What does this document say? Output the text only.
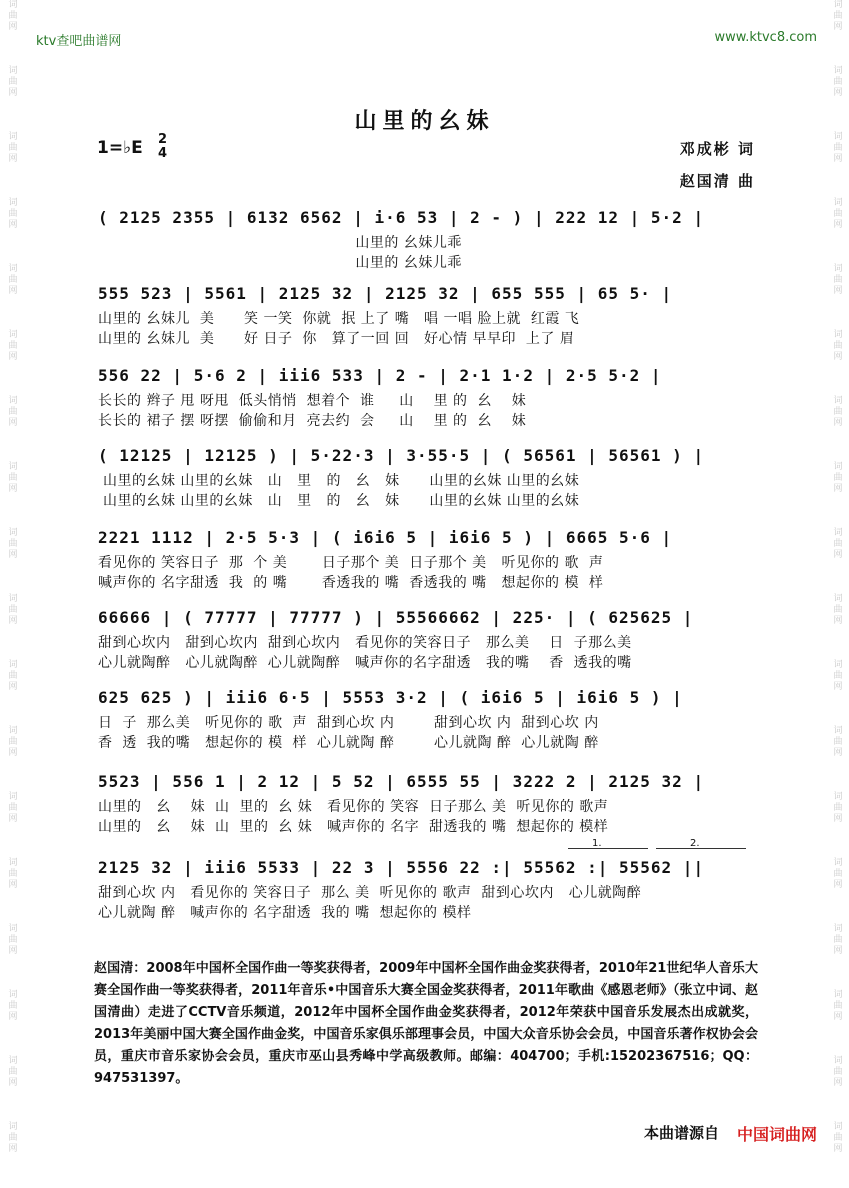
ktv查吧曲谱网	www.ktvc8.com
词
曲
网

词
曲
网

词
曲
网

词
曲
网

词
曲
网

词
曲
网

词
曲
网

词
曲
网

词
曲
网

词
曲
网

词
曲
网

词
曲
网

词
曲
网

词
曲
网

词
曲
网

词
曲
网

词
曲
网

词
曲
网

词
曲
网

词
曲
网

词
曲
网

词
曲
网

词
曲
网

词
曲
网

词
曲
网

词
曲
网

词
曲
网

词
曲
网

词
曲
网

词
曲
网

词
曲
网

词
曲
网

词
曲
网

词
曲
网

词
曲
网

词
曲
网

山里的幺妹
1=♭E 2
4	邓成彬 词
赵国清 曲
( 2125 2355 | 6132 6562 | i·6 53 | 2 - ) | 222 12 | 5·2 |
山里的 幺妹儿乖
山里的 幺妹儿乖
555 523 | 5561 | 2125 32 | 2125 32 | 655 555 | 65 5· |
山里的 幺妹儿  美      笑 一笑  你就  抿 上了 嘴   唱 一唱 脸上就  红霞 飞
山里的 幺妹儿  美      好 日子  你   算了一回 回   好心情 早早印  上了 眉
556 22 | 5·6 2 | iii6 533 | 2 - | 2·1 1·2 | 2·5 5·2 |
长长的 辫子 甩 呀甩  低头悄悄  想着个  谁     山    里 的  幺    妹
长长的 裙子 摆 呀摆  偷偷和月  亮去约  会     山    里 的  幺    妹
( 12125 | 12125 ) | 5·22·3 | 3·55·5 | ( 56561 | 56561 ) |
山里的幺妹 山里的幺妹   山   里   的   幺   妹      山里的幺妹 山里的幺妹
山里的幺妹 山里的幺妹   山   里   的   幺   妹      山里的幺妹 山里的幺妹
2221 1112 | 2·5 5·3 | ( i6i6 5 | i6i6 5 ) | 6665 5·6 |
看见你的 笑容日子  那  个 美       日子那个 美  日子那个 美   听见你的 歌  声
喊声你的 名字甜透  我  的 嘴       香透我的 嘴  香透我的 嘴   想起你的 模  样
66666 | ( 77777 | 77777 ) | 55566662 | 225· | ( 625625 |
甜到心坎内   甜到心坎内  甜到心坎内   看见你的笑容日子   那么美    日  子那么美
心儿就陶醉   心儿就陶醉  心儿就陶醉   喊声你的名字甜透   我的嘴    香  透我的嘴
625 625 ) | iii6 6·5 | 5553 3·2 | ( i6i6 5 | i6i6 5 ) |
日  子  那么美   听见你的 歌  声  甜到心坎 内        甜到心坎 内  甜到心坎 内
香  透  我的嘴   想起你的 模  样  心儿就陶 醉        心儿就陶 醉  心儿就陶 醉
5523 | 556 1 | 2 12 | 5 52 | 6555 55 | 3222 2 | 2125 32 |
山里的   幺    妹  山  里的  幺 妹   看见你的 笑容  日子那么 美  听见你的 歌声
山里的   幺    妹  山  里的  幺 妹   喊声你的 名字  甜透我的 嘴  想起你的 模样
1.	2.
2125 32 | iii6 5533 | 22 3 | 5556 22 :| 55562 :| 55562 ||
甜到心坎 内   看见你的 笑容日子  那么 美  听见你的 歌声  甜到心坎内   心儿就陶醉
心儿就陶 醉   喊声你的 名字甜透  我的 嘴  想起你的 模样
赵国清：2008年中国杯全国作曲一等奖获得者，2009年中国杯全国作曲金奖获得者，2010年21世纪华人音乐大赛全国作曲一等奖获得者，2011年音乐•中国音乐大赛全国金奖获得者，2011年歌曲《感恩老师》（张立中词、赵国清曲）走进了CCTV音乐频道，2012年中国杯全国作曲金奖获得者，2012年荣获中国音乐发展杰出成就奖，2013年美丽中国大赛全国作曲金奖，中国音乐家俱乐部理事会员，中国大众音乐协会会员，中国音乐著作权协会会员，重庆市音乐家协会会员，重庆市巫山县秀峰中学高级教师。邮编：404700；手机:15202367516；QQ：947531397。
本曲谱源自 中国词曲网
